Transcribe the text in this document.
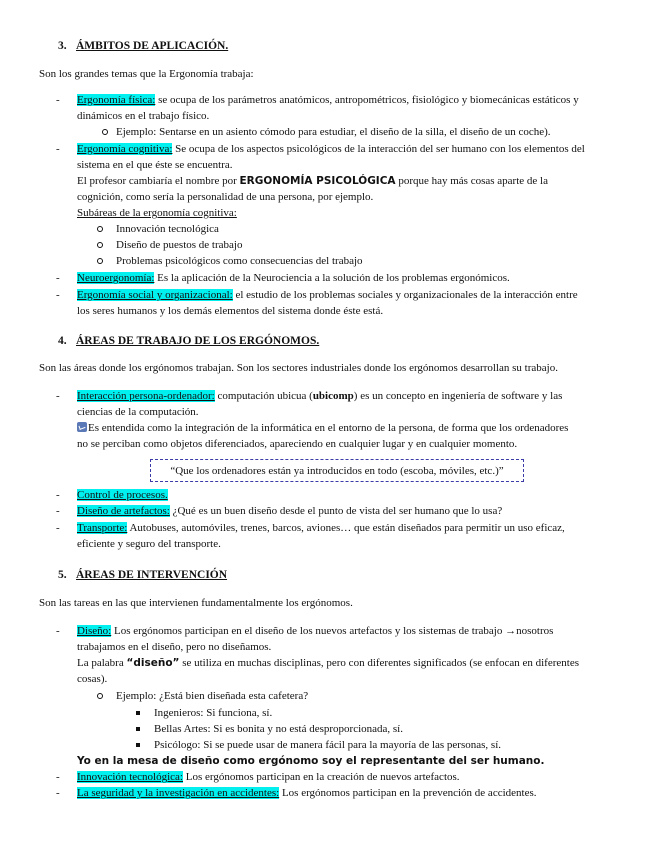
3. ÁMBITOS DE APLICACIÓN.
Son los grandes temas que la Ergonomía trabaja:
- Ergonomía física: se ocupa de los parámetros anatómicos, antropométricos, fisiológico y biomecánicas estáticos y
dinámicos en el trabajo físico.
Ejemplo: Sentarse en un asiento cómodo para estudiar, el diseño de la silla, el diseño de un coche).
- Ergonomía cognitiva: Se ocupa de los aspectos psicológicos de la interacción del ser humano con los elementos del
sistema en el que éste se encuentra.
El profesor cambiaría el nombre por ERGONOMÍA PSICOLÓGICA porque hay más cosas aparte de la
cognición, como sería la personalidad de una persona, por ejemplo.
Subáreas de la ergonomía cognitiva:
Innovación tecnológica
Diseño de puestos de trabajo
Problemas psicológicos como consecuencias del trabajo
- Neuroergonomía: Es la aplicación de la Neurociencia a la solución de los problemas ergonómicos.
- Ergonomía social y organizacional: el estudio de los problemas sociales y organizacionales de la interacción entre
los seres humanos y los demás elementos del sistema donde éste está.
4. ÁREAS DE TRABAJO DE LOS ERGÓNOMOS.
Son las áreas donde los ergónomos trabajan. Son los sectores industriales donde los ergónomos desarrollan su trabajo.
- Interacción persona-ordenador: computación ubicua (ubicomp) es un concepto en ingeniería de software y las
ciencias de la computación.
Es entendida como la integración de la informática en el entorno de la persona, de forma que los ordenadores
no se perciban como objetos diferenciados, apareciendo en cualquier lugar y en cualquier momento.
“Que los ordenadores están ya introducidos en todo (escoba, móviles, etc.)”
- Control de procesos.
- Diseño de artefactos: ¿Qué es un buen diseño desde el punto de vista del ser humano que lo usa?
- Transporte: Autobuses, automóviles, trenes, barcos, aviones… que están diseñados para permitir un uso eficaz,
eficiente y seguro del transporte.
5. ÁREAS DE INTERVENCIÓN
Son las tareas en las que intervienen fundamentalmente los ergónomos.
- Diseño: Los ergónomos participan en el diseño de los nuevos artefactos y los sistemas de trabajo →nosotros
trabajamos en el diseño, pero no diseñamos.
La palabra “diseño” se utiliza en muchas disciplinas, pero con diferentes significados (se enfocan en diferentes
cosas).
Ejemplo: ¿Está bien diseñada esta cafetera?
Ingenieros: Si funciona, sí.
Bellas Artes: Si es bonita y no está desproporcionada, sí.
Psicólogo: Si se puede usar de manera fácil para la mayoría de las personas, sí.
Yo en la mesa de diseño como ergónomo soy el representante del ser humano.
- Innovación tecnológica: Los ergónomos participan en la creación de nuevos artefactos.
- La seguridad y la investigación en accidentes: Los ergónomos participan en la prevención de accidentes.
